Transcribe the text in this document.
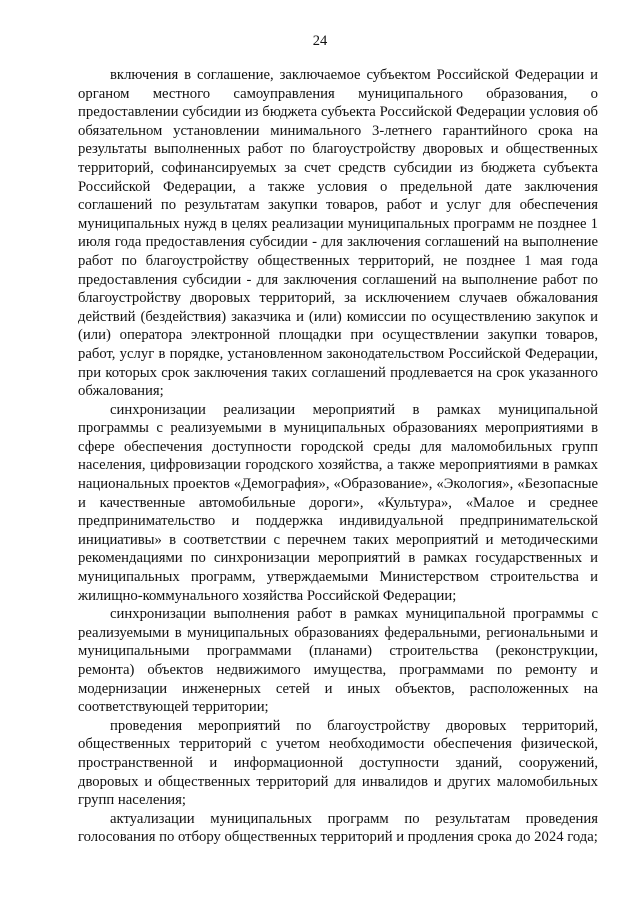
24

включения в соглашение, заключаемое субъектом Российской Федерации и органом местного самоуправления муниципального образования, о предоставлении субсидии из бюджета субъекта Российской Федерации условия об обязательном установлении минимального 3-летнего гарантийного срока на результаты выполненных работ по благоустройству дворовых и общественных территорий, софинансируемых за счет средств субсидии из бюджета субъекта Российской Федерации, а также условия о предельной дате заключения соглашений по результатам закупки товаров, работ и услуг для обеспечения муниципальных нужд в целях реализации муниципальных программ не позднее 1 июля года предоставления субсидии - для заключения соглашений на выполнение работ по благоустройству общественных территорий, не позднее 1 мая года предоставления субсидии - для заключения соглашений на выполнение работ по благоустройству дворовых территорий, за исключением случаев обжалования действий (бездействия) заказчика и (или) комиссии по осуществлению закупок и (или) оператора электронной площадки при осуществлении закупки товаров, работ, услуг в порядке, установленном законодательством Российской Федерации, при которых срок заключения таких соглашений продлевается на срок указанного обжалования;

синхронизации реализации мероприятий в рамках муниципальной программы с реализуемыми в муниципальных образованиях мероприятиями в сфере обеспечения доступности городской среды для маломобильных групп населения, цифровизации городского хозяйства, а также мероприятиями в рамках национальных проектов «Демография», «Образование», «Экология», «Безопасные и качественные автомобильные дороги», «Культура», «Малое и среднее предпринимательство и поддержка индивидуальной предпринимательской инициативы» в соответствии с перечнем таких мероприятий и методическими рекомендациями по синхронизации мероприятий в рамках государственных и муниципальных программ, утверждаемыми Министерством строительства и жилищно-коммунального хозяйства Российской Федерации;

синхронизации выполнения работ в рамках муниципальной программы с реализуемыми в муниципальных образованиях федеральными, региональными и муниципальными программами (планами) строительства (реконструкции, ремонта) объектов недвижимого имущества, программами по ремонту и модернизации инженерных сетей и иных объектов, расположенных на соответствующей территории;

проведения мероприятий по благоустройству дворовых территорий, общественных территорий с учетом необходимости обеспечения физической, пространственной и информационной доступности зданий, сооружений, дворовых и общественных территорий для инвалидов и других маломобильных групп населения;

актуализации муниципальных программ по результатам проведения голосования по отбору общественных территорий и продления срока до 2024 года;
